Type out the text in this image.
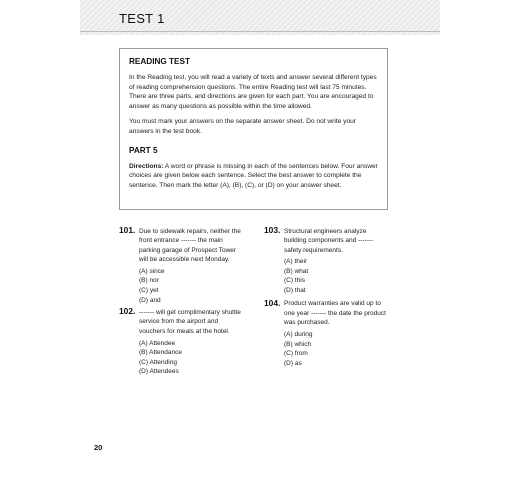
TEST 1
READING TEST

In the Reading test, you will read a variety of texts and answer several different types of reading comprehension questions. The entire Reading test will last 75 minutes. There are three parts, and directions are given for each part. You are encouraged to answer as many questions as possible within the time allowed.

You must mark your answers on the separate answer sheet. Do not write your answers in the test book.

PART 5

Directions: A word or phrase is missing in each of the sentences below. Four answer choices are given below each sentence. Select the best answer to complete the sentence. Then mark the letter (A), (B), (C), or (D) on your answer sheet.

101. Due to sidewalk repairs, neither the front entrance ------- the main parking garage of Prospect Tower will be accessible next Monday.
(A) since
(B) nor
(C) yet
(D) and
102. ------- will get complimentary shuttle service from the airport and vouchers for meals at the hotel.
(A) Attendee
(B) Attendance
(C) Attending
(D) Attendees
103. Structural engineers analyze building components and ------- safety requirements.
(A) their
(B) what
(C) this
(D) that
104. Product warranties are valid up to one year ------- the date the product was purchased.
(A) during
(B) which
(C) from
(D) as
20
